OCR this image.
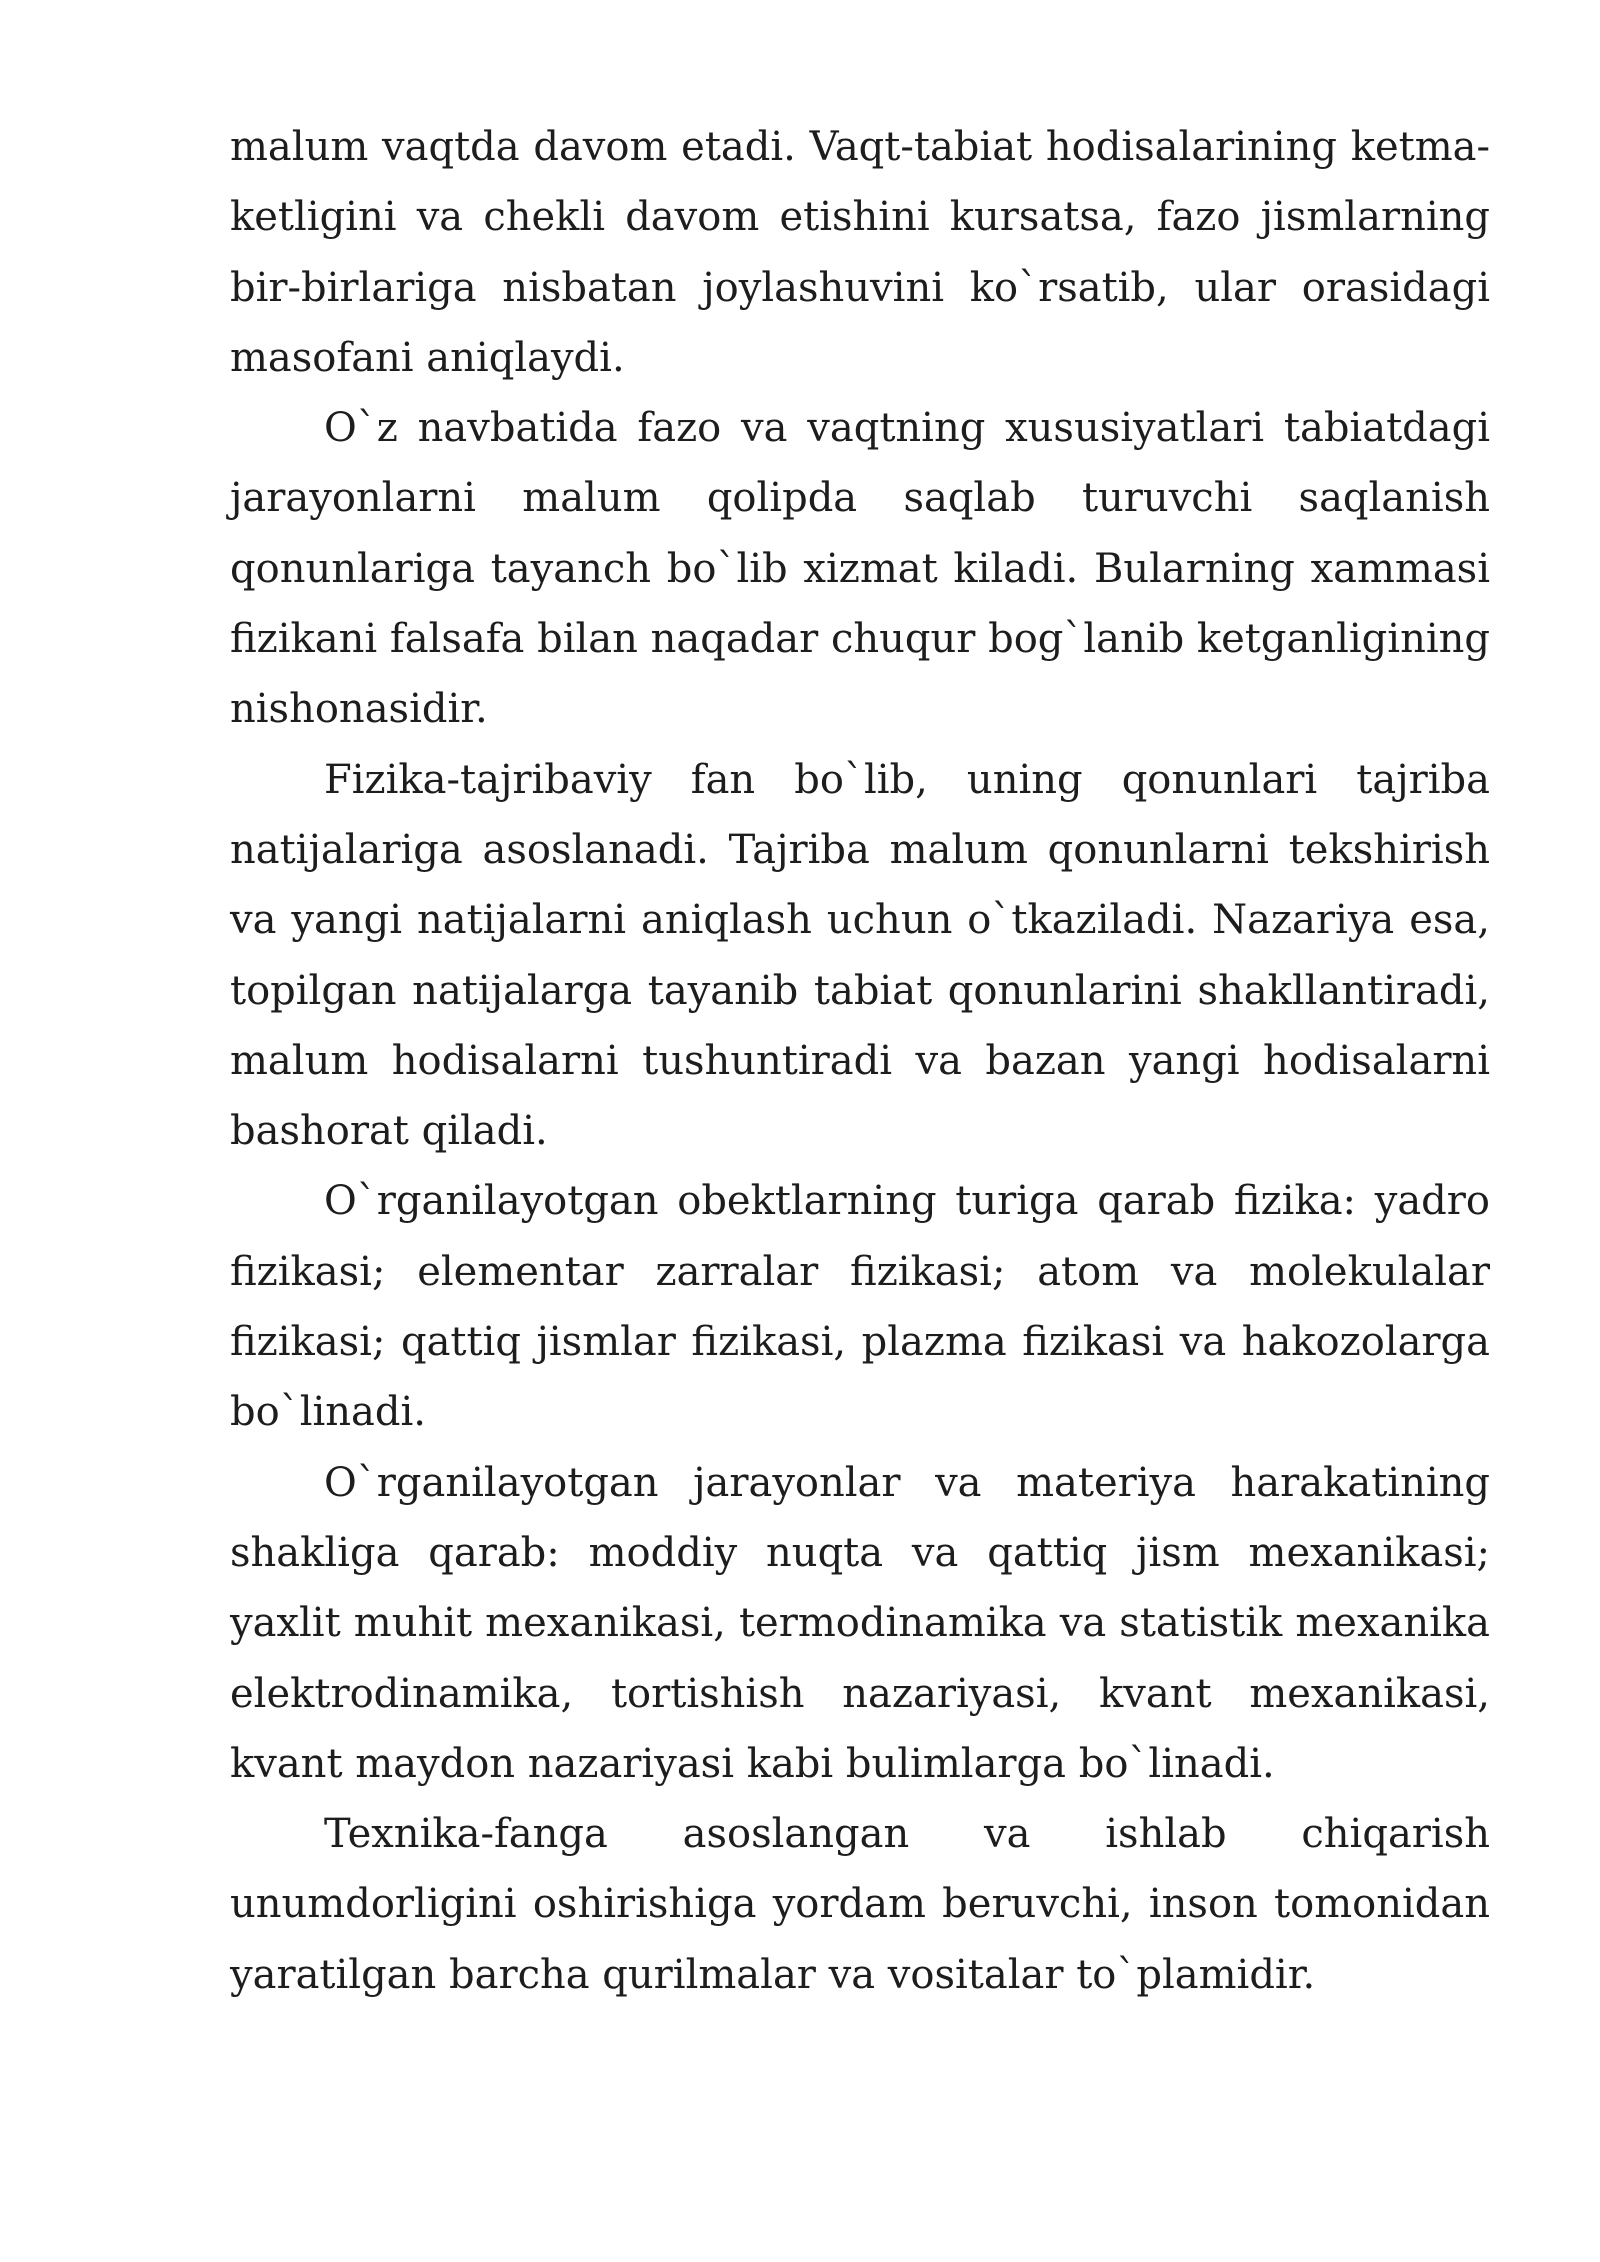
malum vaqtda davom etadi. Vaqt-tabiat hodisalarining ketma-ketligini va chekli davom etishini kursatsa, fazo jismlarning bir-birlariga nisbatan joylashuvini ko`rsatib, ular orasidagi masofani aniqlaydi.

O`z navbatida fazo va vaqtning xususiyatlari tabiatdagi jarayonlarni malum qolipda saqlab turuvchi saqlanish qonunlariga tayanch bo`lib xizmat kiladi. Bularning xammasi fizikani falsafa bilan naqadar chuqur bog`lanib ketganligining nishonasidir.

Fizika-tajribaviy fan bo`lib, uning qonunlari tajriba natijalariga asoslanadi. Tajriba malum qonunlarni tekshirish va yangi natijalarni aniqlash uchun o`tkaziladi. Nazariya esa, topilgan natijalarga tayanib tabiat qonunlarini shakllantiradi, malum hodisalarni tushuntiradi va bazan yangi hodisalarni bashorat qiladi.

O`rganilayotgan obektlarning turiga qarab fizika: yadro fizikasi; elementar zarralar fizikasi; atom va molekulalar fizikasi; qattiq jismlar fizikasi, plazma fizikasi va hakozolarga bo`linadi.

O`rganilayotgan jarayonlar va materiya harakatining shakliga qarab: moddiy nuqta va qattiq jism mexanikasi; yaxlit muhit mexanikasi, termodinamika va statistik mexanika elektrodinamika, tortishish nazariyasi, kvant mexanikasi, kvant maydon nazariyasi kabi bulimlarga bo`linadi.

Texnika-fanga asoslangan va ishlab chiqarish unumdorligini oshirishiga yordam beruvchi, inson tomonidan yaratilgan barcha qurilmalar va vositalar to`plamidir.
